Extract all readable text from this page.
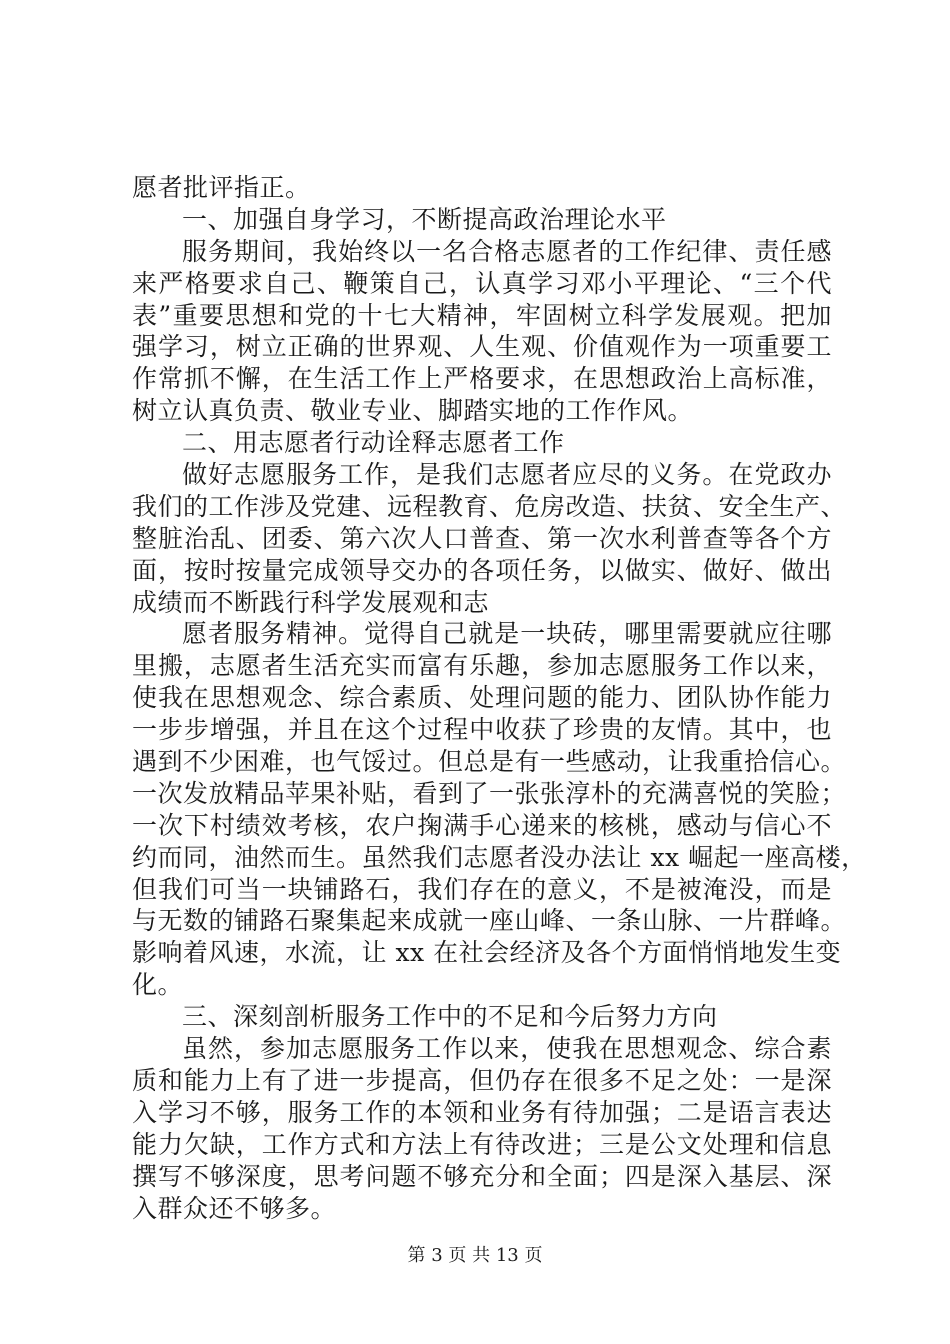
愿者批评指正。
一、加强自身学习，不断提高政治理论水平
服务期间，我始终以一名合格志愿者的工作纪律、责任感
来严格要求自己、鞭策自己，认真学习邓小平理论、“三个代
表”重要思想和党的十七大精神，牢固树立科学发展观。把加
强学习，树立正确的世界观、人生观、价值观作为一项重要工
作常抓不懈，在生活工作上严格要求，在思想政治上高标准，
树立认真负责、敬业专业、脚踏实地的工作作风。
二、用志愿者行动诠释志愿者工作
做好志愿服务工作，是我们志愿者应尽的义务。在党政办
我们的工作涉及党建、远程教育、危房改造、扶贫、安全生产、
整脏治乱、团委、第六次人口普查、第一次水利普查等各个方
面，按时按量完成领导交办的各项任务，以做实、做好、做出
成绩而不断践行科学发展观和志
愿者服务精神。觉得自己就是一块砖，哪里需要就应往哪
里搬，志愿者生活充实而富有乐趣，参加志愿服务工作以来，
使我在思想观念、综合素质、处理问题的能力、团队协作能力
一步步增强，并且在这个过程中收获了珍贵的友情。其中，也
遇到不少困难，也气馁过。但总是有一些感动，让我重拾信心。
一次发放精品苹果补贴，看到了一张张淳朴的充满喜悦的笑脸；
一次下村绩效考核，农户掬满手心递来的核桃，感动与信心不
约而同，油然而生。虽然我们志愿者没办法让 xx 崛起一座高楼，
但我们可当一块铺路石，我们存在的意义，不是被淹没，而是
与无数的铺路石聚集起来成就一座山峰、一条山脉、一片群峰。
影响着风速，水流，让 xx 在社会经济及各个方面悄悄地发生变
化。
三、深刻剖析服务工作中的不足和今后努力方向
虽然，参加志愿服务工作以来，使我在思想观念、综合素
质和能力上有了进一步提高，但仍存在很多不足之处：一是深
入学习不够，服务工作的本领和业务有待加强；二是语言表达
能力欠缺，工作方式和方法上有待改进；三是公文处理和信息
撰写不够深度，思考问题不够充分和全面；四是深入基层、深
入群众还不够多。
第 3 页 共 13 页
